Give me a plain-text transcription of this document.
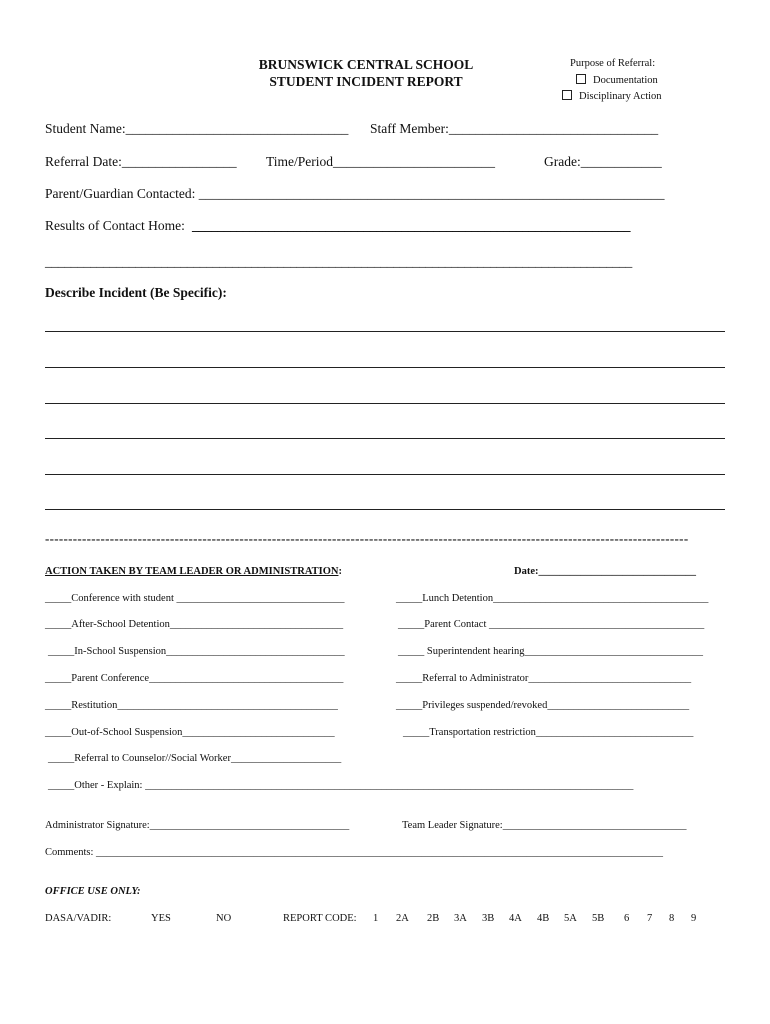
BRUNSWICK CENTRAL SCHOOL
STUDENT INCIDENT REPORT
Purpose of Referral:
Documentation
Disciplinary Action
Student Name:_________________________________ Staff Member:_______________________________
Referral Date:_________________ Time/Period________________________	Grade:____________
Parent/Guardian Contacted: _____________________________________________________________________
Results of Contact Home: _____________________________________________________________________
___________________________________________________________________________________________
Describe Incident (Be Specific):
-------------------------------------------------------------------------------------------------------------------------------------------
ACTION TAKEN BY TEAM LEADER OR ADMINISTRATION:	Date:______________________________
_____Conference with student ________________________________
_____After-School Detention_________________________________
_____In-School Suspension__________________________________
_____Parent Conference_____________________________________
_____Restitution__________________________________________
_____Out-of-School Suspension_____________________________
_____Referral to Counselor//Social Worker_____________________
_____Other - Explain: _____________________________________________________________________________________________
_____Lunch Detention_________________________________________
_____Parent Contact _________________________________________
_____ Superintendent hearing__________________________________
_____Referral to Administrator_______________________________
_____Privileges suspended/revoked___________________________
_____Transportation restriction______________________________
Administrator Signature:______________________________________	Team Leader Signature:___________________________________
Comments: ____________________________________________________________________________________________________________
OFFICE USE ONLY:
DASA/VADIR:	YES	NO	REPORT CODE: 1 2A 2B 3A 3B 4A 4B 5A 5B 6 7 8 9
